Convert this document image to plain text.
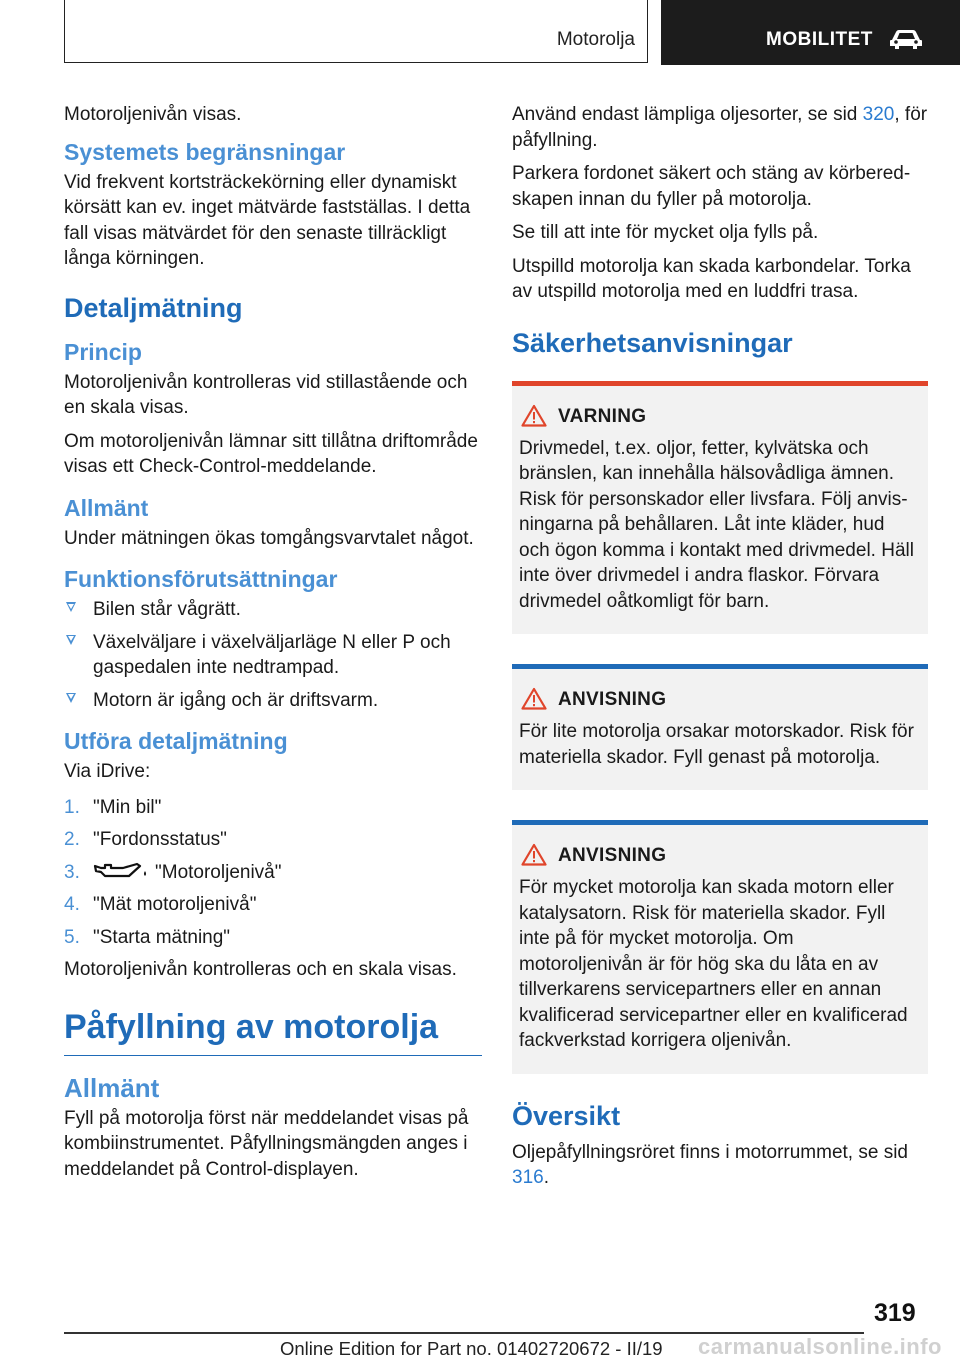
Motorolja	MOBILITET

Motoroljenivån visas.

Systemets begränsningar

Vid frekvent kortsträckekörning eller dynamiskt körsätt kan ev. inget mätvärde fastställas. I detta fall visas mätvärdet för den senaste tillräckligt långa körningen.

Detaljmätning
Princip

Motoroljenivån kontrolleras vid stillastående och en skala visas.

Om motoroljenivån lämnar sitt tillåtna driftområde visas ett Check-Control-meddelande.

Allmänt

Under mätningen ökas tomgångsvarvtalet något.

Funktionsförutsättningar
Bilen står vågrätt.
Växelväljare i växelväljarläge N eller P och gaspedalen inte nedtrampad.
Motorn är igång och är driftsvarm.
Utföra detaljmätning

Via iDrive:

1. "Min bil"
2. "Fordonsstatus"
3.	"Motoroljenivå"
4. "Mät motoroljenivå"
5. "Starta mätning"

Motoroljenivån kontrolleras och en skala visas.

Påfyllning av motorolja
Allmänt

Fyll på motorolja först när meddelandet visas på kombiinstrumentet. Påfyllningsmängden anges i meddelandet på Control-displayen.

Använd endast lämpliga oljesorter, se sid 320, för påfyllning.

Parkera fordonet säkert och stäng av körberedskapen innan du fyller på motorolja.

Se till att inte för mycket olja fylls på.

Utspilld motorolja kan skada karbondelar. Torka av utspilld motorolja med en luddfri trasa.

Säkerhetsanvisningar
VARNING

Drivmedel, t.ex. oljor, fetter, kylvätska och bränslen, kan innehålla hälsovådliga ämnen. Risk för personskador eller livsfara. Följ anvisningarna på behållaren. Låt inte kläder, hud och ögon komma i kontakt med drivmedel. Häll inte över drivmedel i andra flaskor. Förvara drivmedel oåtkomligt för barn.

ANVISNING

För lite motorolja orsakar motorskador. Risk för materiella skador. Fyll genast på motorolja.

ANVISNING

För mycket motorolja kan skada motorn eller katalysatorn. Risk för materiella skador. Fyll inte på för mycket motorolja. Om motoroljenivån är för hög ska du låta en av tillverkarens servicepartners eller en annan kvalificerad servicepartner eller en kvalificerad fackverkstad korrigera oljenivån.

Översikt

Oljepåfyllningsröret finns i motorrummet, se sid 316.

319
Online Edition for Part no. 01402720672 - II/19 carmanualsonline.info
